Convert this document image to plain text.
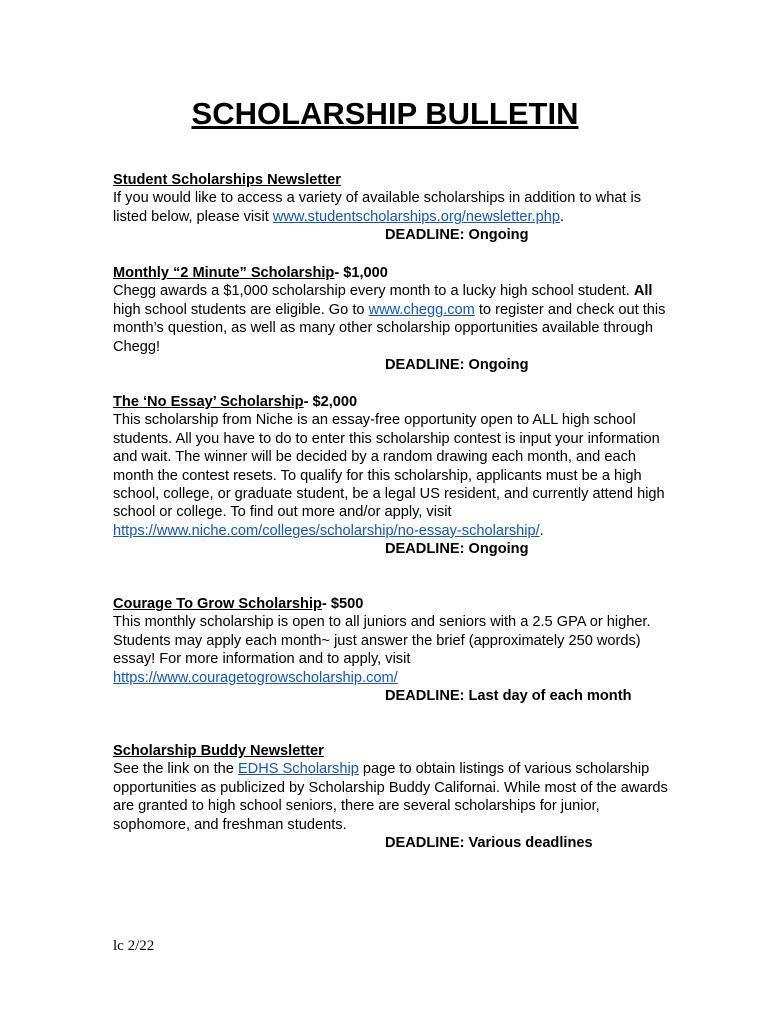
SCHOLARSHIP BULLETIN
Student Scholarships Newsletter
If you would like to access a variety of available scholarships in addition to what is listed below, please visit www.studentscholarships.org/newsletter.php.
DEADLINE: Ongoing
Monthly “2 Minute” Scholarship- $1,000
Chegg awards a $1,000 scholarship every month to a lucky high school student. All high school students are eligible. Go to www.chegg.com to register and check out this month’s question, as well as many other scholarship opportunities available through Chegg!
DEADLINE: Ongoing
The ‘No Essay’ Scholarship- $2,000
This scholarship from Niche is an essay-free opportunity open to ALL high school students. All you have to do to enter this scholarship contest is input your information and wait. The winner will be decided by a random drawing each month, and each month the contest resets. To qualify for this scholarship, applicants must be a high school, college, or graduate student, be a legal US resident, and currently attend high school or college. To find out more and/or apply, visit https://www.niche.com/colleges/scholarship/no-essay-scholarship/.
DEADLINE: Ongoing
Courage To Grow Scholarship- $500
This monthly scholarship is open to all juniors and seniors with a 2.5 GPA or higher. Students may apply each month~ just answer the brief (approximately 250 words) essay! For more information and to apply, visit https://www.couragetogrowscholarship.com/
DEADLINE: Last day of each month
Scholarship Buddy Newsletter
See the link on the EDHS Scholarship page to obtain listings of various scholarship opportunities as publicized by Scholarship Buddy Californai. While most of the awards are granted to high school seniors, there are several scholarships for junior, sophomore, and freshman students.
DEADLINE: Various deadlines
lc 2/22
